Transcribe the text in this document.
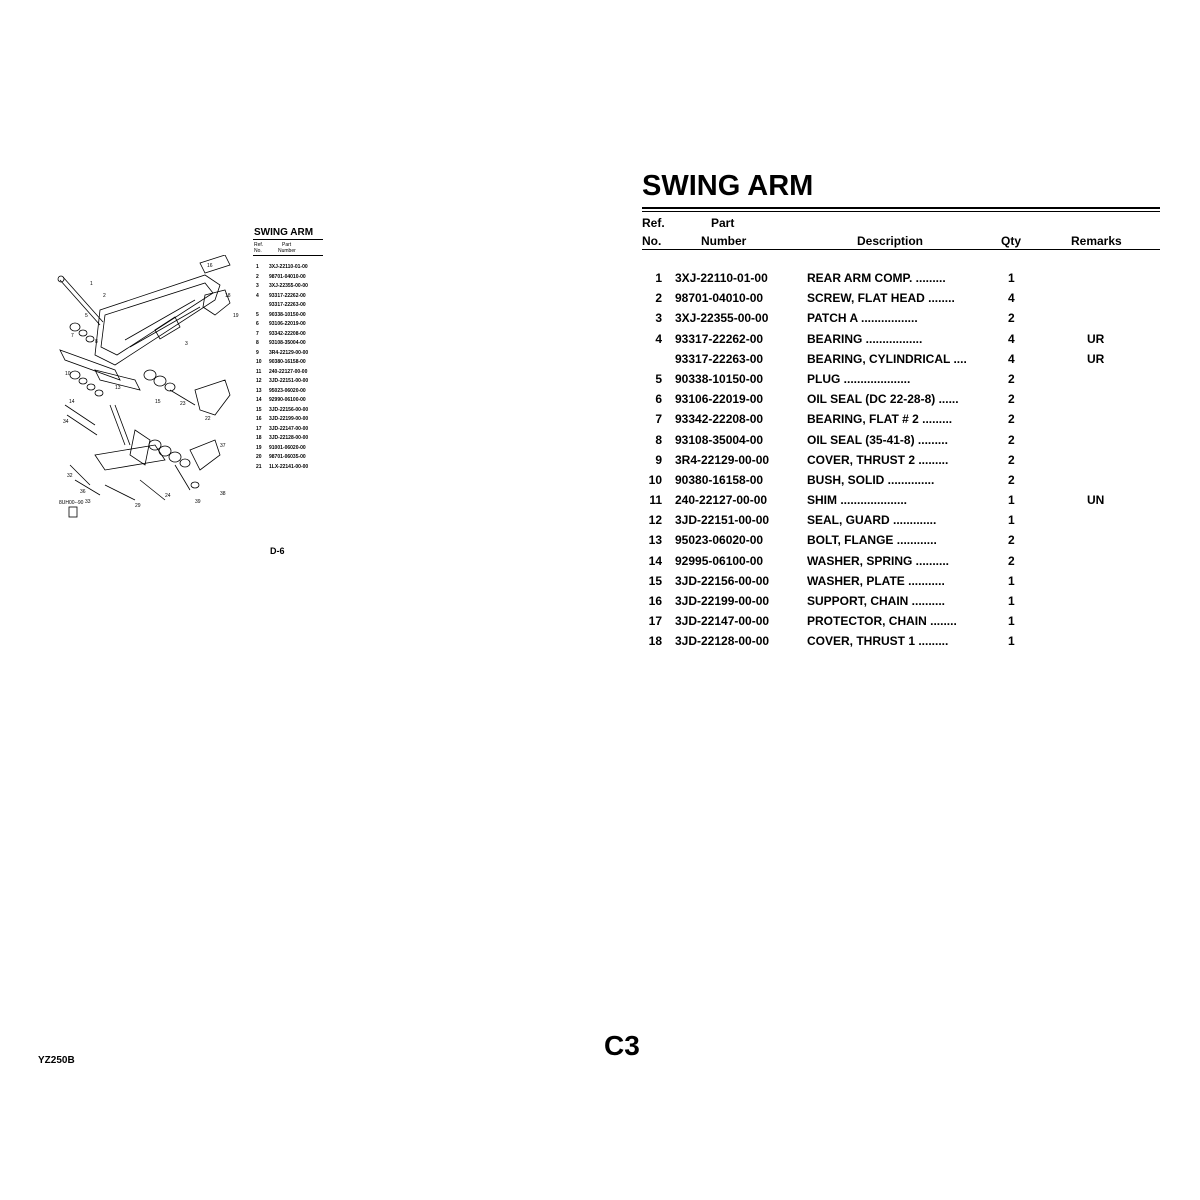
1
2
5
7
8
10
16
18
19
3
13
14
34
15	23
22
37
36
32
33
29
24
39
38
SWING ARM
Ref.	Part
No.	Number
1	3XJ-22110-01-00
2	98701-04010-00
3	3XJ-22355-00-00
4	93317-22262-00
93317-22263-00
5	90338-10150-00
6	93106-22019-00
7	93342-22208-00
8	93108-35004-00
9	3R4-22129-00-00
10	90380-16158-00
11	240-22127-00-00
12	3JD-22151-00-00
13	95023-06020-00
14	92990-06100-00
15	3JD-22156-00-00
16	3JD-22199-00-00
17	3JD-22147-00-00
18	3JD-22128-00-00
19	91001-06020-00
20	98701-06035-00
21	1LX-22141-00-00
8UH00--90
D-6
SWING ARM
Ref.
No.
Part
Number	Description	Qty	Remarks
1 3XJ-22110-01-00	REAR ARM COMP. .........	1
2 98701-04010-00	SCREW, FLAT HEAD ........	4
3 3XJ-22355-00-00	PATCH A .................	2
4 93317-22262-00	BEARING .................	4	UR
93317-22263-00	BEARING, CYLINDRICAL ....	4	UR
5 90338-10150-00	PLUG ....................	2
6 93106-22019-00	OIL SEAL (DC 22-28-8) ......	2
7 93342-22208-00	BEARING, FLAT # 2 .........	2
8 93108-35004-00	OIL SEAL (35-41-8) .........	2
9 3R4-22129-00-00	COVER, THRUST 2 .........	2
10 90380-16158-00	BUSH, SOLID ..............	2
11 240-22127-00-00	SHIM ....................	1	UN
12 3JD-22151-00-00	SEAL, GUARD .............	1
13 95023-06020-00	BOLT, FLANGE ............	2
14 92995-06100-00	WASHER, SPRING ..........	2
15 3JD-22156-00-00	WASHER, PLATE ...........	1
16 3JD-22199-00-00	SUPPORT, CHAIN ..........	1
17 3JD-22147-00-00	PROTECTOR, CHAIN ........	1
18 3JD-22128-00-00	COVER, THRUST 1 .........	1
C3
YZ250B
